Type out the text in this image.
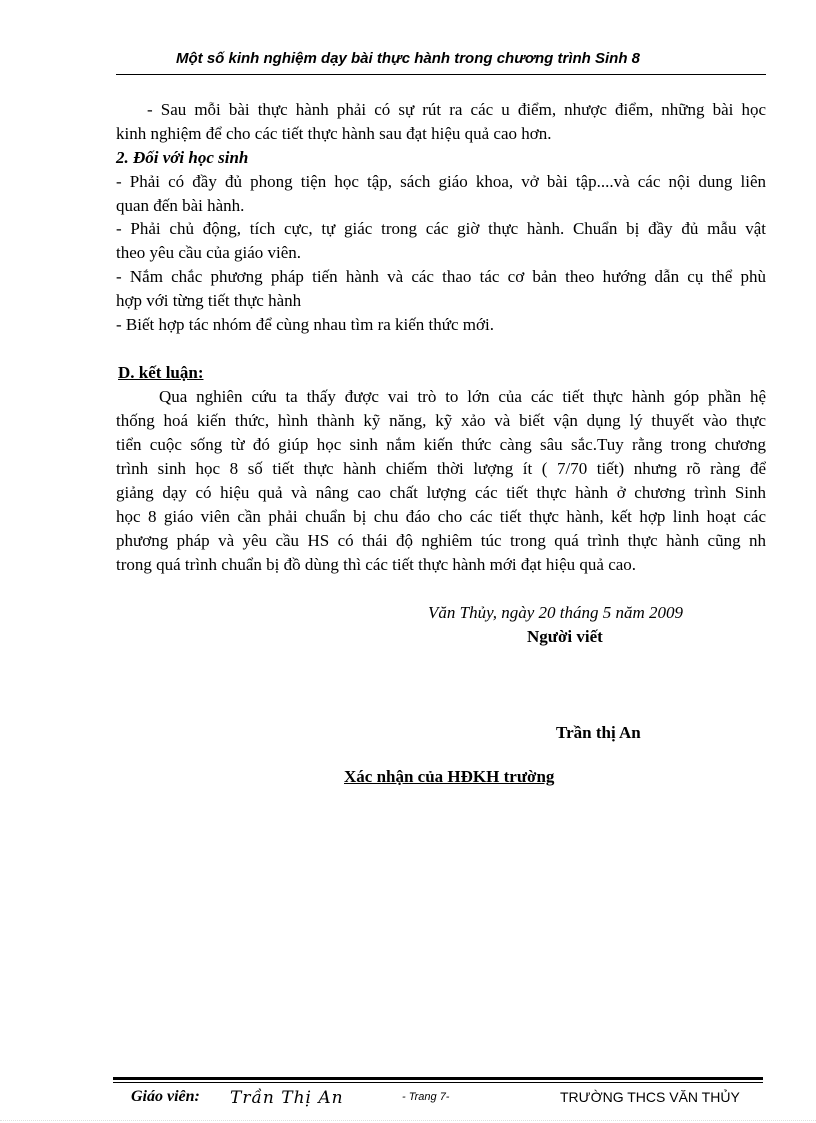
Một số kinh nghiệm dạy bài thực hành trong chương trình Sinh 8
- Sau mỗi bài thực hành phải có sự rút ra các u điểm, nhược điểm, những bài học
kinh nghiệm để cho các tiết thực hành sau đạt hiệu quả cao hơn.
2. Đối với học sinh
- Phải có đầy đủ phong tiện học tập, sách giáo khoa, vở bài tập....và các nội dung liên
quan đến bài hành.
- Phải chủ động, tích cực, tự giác trong các giờ thực hành. Chuẩn bị đầy đủ mẫu vật
theo yêu cầu của giáo viên.
- Nắm chắc phương pháp tiến hành và các thao tác cơ bản theo hướng dẫn cụ thể phù
hợp với từng tiết thực hành
- Biết hợp tác nhóm để cùng nhau tìm ra kiến thức mới.
D. kết luận:
Qua nghiên cứu ta thấy được vai trò to lớn của các tiết thực hành góp phần hệ
thống hoá kiến thức, hình thành kỹ năng, kỹ xảo và biết vận dụng lý thuyết vào thực
tiển cuộc sống từ đó giúp học sinh nắm kiến thức càng sâu sắc.Tuy rằng trong chương
trình sinh học 8 số tiết thực hành chiếm thời lượng ít ( 7/70 tiết) nhưng rõ ràng để
giảng dạy có hiệu quả và nâng cao chất lượng các tiết thực hành ở chương trình Sinh
học 8 giáo viên cần phải chuẩn bị chu đáo cho các tiết thực hành, kết hợp linh hoạt các
phương pháp và yêu cầu HS có thái độ nghiêm túc trong quá trình thực hành cũng nh
trong quá trình chuẩn bị đồ dùng thì các tiết thực hành mới đạt hiệu quả cao.
Văn Thủy, ngày 20 tháng 5 năm 2009
Người viết
Trần thị An
Xác nhận của HĐKH trường
Giáo viên: Trần Thị An	- Trang 7-	TRƯỜNG THCS VĂN THỦY
